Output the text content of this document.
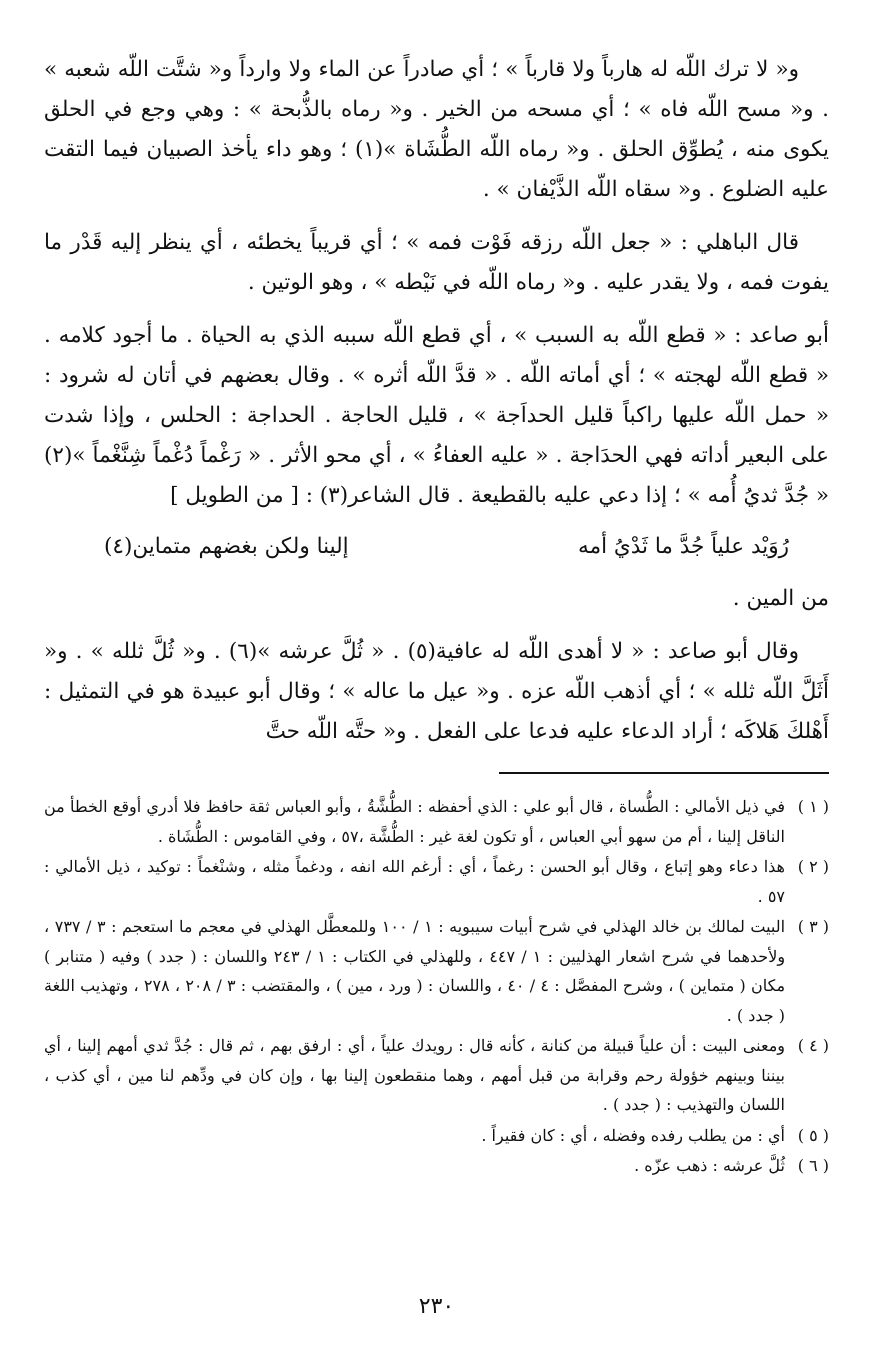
و« لا ترك اللّه له هارباً ولا قارباً » ؛ أي صادراً عن الماء ولا وارداً و« شتَّت اللّه شعبه » . و« مسح اللّه فاه » ؛ أي مسحه من الخير . و« رماه بالذُّبحة » : وهي وجع في الحلق يكوى منه ، يُطوِّق الحلق . و« رماه اللّه الطُّشَاة »(١) ؛ وهو داء يأخذ الصبيان فيما التقت عليه الضلوع . و« سقاه اللّه الذَّيْفان » .

قال الباهلي : « جعل اللّه رزقه فَوْت فمه » ؛ أي قريباً يخطئه ، أي ينظر إليه قَدْر ما يفوت فمه ، ولا يقدر عليه . و« رماه اللّه في نَيْطه » ، وهو الوتين .

أبو صاعد : « قطع اللّه به السبب » ، أي قطع اللّه سببه الذي به الحياة . ما أجود كلامه . « قطع اللّه لهجته » ؛ أي أماته اللّه . « قدَّ اللّه أثره » . وقال بعضهم في أتان له شرود : « حمل اللّه عليها راكباً قليل الحداَجة » ، قليل الحاجة . الحداجة : الحلس ، وإذا شدت على البعير أداته فهي الحدَاجة . « عليه العفاءُ » ، أي محو الأثر . « رَغْماً دُغْماً شِنَّغْماً »(٢) « جُدَّ ثديُ أُمه » ؛ إذا دعي عليه بالقطيعة . قال الشاعر(٣) : [ من الطويل ]

رُوَيْد علياً جُدَّ ما ثَدْيُ أمه
إلينا ولكن بغضهم متماين(٤)

من المين .

وقال أبو صاعد : « لا أهدى اللّه له عافية(٥) . « ثُلَّ عرشه »(٦) . و« ثُلَّ ثلله » . و« أَثَلَّ اللّه ثلله » ؛ أي أذهب اللّه عزه . و« عيل ما عاله » ؛ وقال أبو عبيدة هو في التمثيل : أَهْلكَ هَلاكَه ؛ أراد الدعاء عليه فدعا على الفعل . و« حتَّه اللّه حتَّ

( ١ )
في ذيل الأمالي : الطُّساة ، قال أبو علي : الذي أحفظه : الطُّشَّةُ ، وأبو العباس ثقة حافظ فلا أدري أوقع الخطأ من الناقل إلينا ، أم من سهو أبي العباس ، أو تكون لغة غير : الطُّشَّة ،٥٧ ، وفي القاموس : الطُّشَاة .
( ٢ )
هذا دعاء وهو إتباع ، وقال أبو الحسن : رغماً ، أي : أرغم الله انفه ، ودغماً مثله ، وشنْغماً : توكيد ، ذيل الأمالي : ٥٧ .
( ٣ )
البيت لمالك بن خالد الهذلي في شرح أبيات سيبويه : ١ / ١٠٠ وللمعطَّل الهذلي في معجم ما استعجم : ٣ / ٧٣٧ ، ولأحدهما في شرح اشعار الهذليين : ١ / ٤٤٧ ، وللهذلي في الكتاب : ١ / ٢٤٣ واللسان : ( جدد ) وفيه ( متنابر ) مكان ( متماين ) ، وشرح المفصَّل : ٤ / ٤٠ ، واللسان : ( ورد ، مين ) ، والمقتضب : ٣ / ٢٠٨ ، ٢٧٨ ، وتهذيب اللغة ( جدد ) .
( ٤ )
ومعنى البيت : أن علياً قبيلة من كنانة ، كأنه قال : رويدك علياً ، أي : ارفق بهم ، ثم قال : جُدَّ ثدي أمهم إلينا ، أي بيننا وبينهم خؤولة رحم وقرابة من قبل أمهم ، وهما منقطعون إلينا بها ، وإن كان في ودِّهم لنا مين ، أي كذب ، اللسان والتهذيب : ( جدد ) .
( ٥ )
أي : من يطلب رفده وفضله ، أي : كان فقيراً .
( ٦ )
ثُلَّ عرشه : ذهب عزّه .
٢٣٠
